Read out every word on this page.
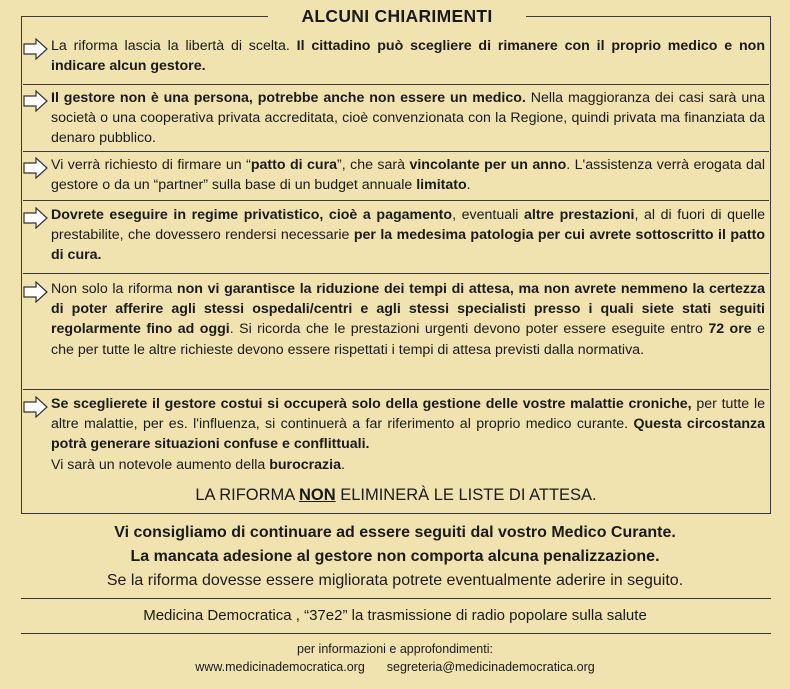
ALCUNI CHIARIMENTI
La riforma lascia la libertà di scelta. Il cittadino può scegliere di rimanere con il proprio medico e non indicare alcun gestore.
Il gestore non è una persona, potrebbe anche non essere un medico. Nella maggioranza dei casi sarà una società o una cooperativa privata accreditata, cioè convenzionata con la Regione, quindi privata ma finanziata da denaro pubblico.
Vi verrà richiesto di firmare un “patto di cura”, che sarà vincolante per un anno. L'assistenza verrà erogata dal gestore o da un “partner” sulla base di un budget annuale limitato.
Dovrete eseguire in regime privatistico, cioè a pagamento, eventuali altre prestazioni, al di fuori di quelle prestabilite, che dovessero rendersi necessarie per la medesima patologia per cui avrete sottoscritto il patto di cura.
Non solo la riforma non vi garantisce la riduzione dei tempi di attesa, ma non avrete nemmeno la certezza di poter afferire agli stessi ospedali/centri e agli stessi specialisti presso i quali siete stati seguiti regolarmente fino ad oggi. Si ricorda che le prestazioni urgenti devono poter essere eseguite entro 72 ore e che per tutte le altre richieste devono essere rispettati i tempi di attesa previsti dalla normativa.
Se sceglierete il gestore costui si occuperà solo della gestione delle vostre malattie croniche, per tutte le altre malattie, per es. l'influenza, si continuerà a far riferimento al proprio medico curante. Questa circostanza potrà generare situazioni confuse e conflittuali.
Vi sarà un notevole aumento della burocrazia.
LA RIFORMA NON ELIMINERÀ LE LISTE DI ATTESA.
Vi consigliamo di continuare ad essere seguiti dal vostro Medico Curante.
La mancata adesione al gestore non comporta alcuna penalizzazione.
Se la riforma dovesse essere migliorata potrete eventualmente aderire in seguito.
Medicina Democratica , “37e2” la trasmissione di radio popolare sulla salute
per informazioni e approfondimenti:
www.medicinademocratica.org segreteria@medicinademocratica.org
